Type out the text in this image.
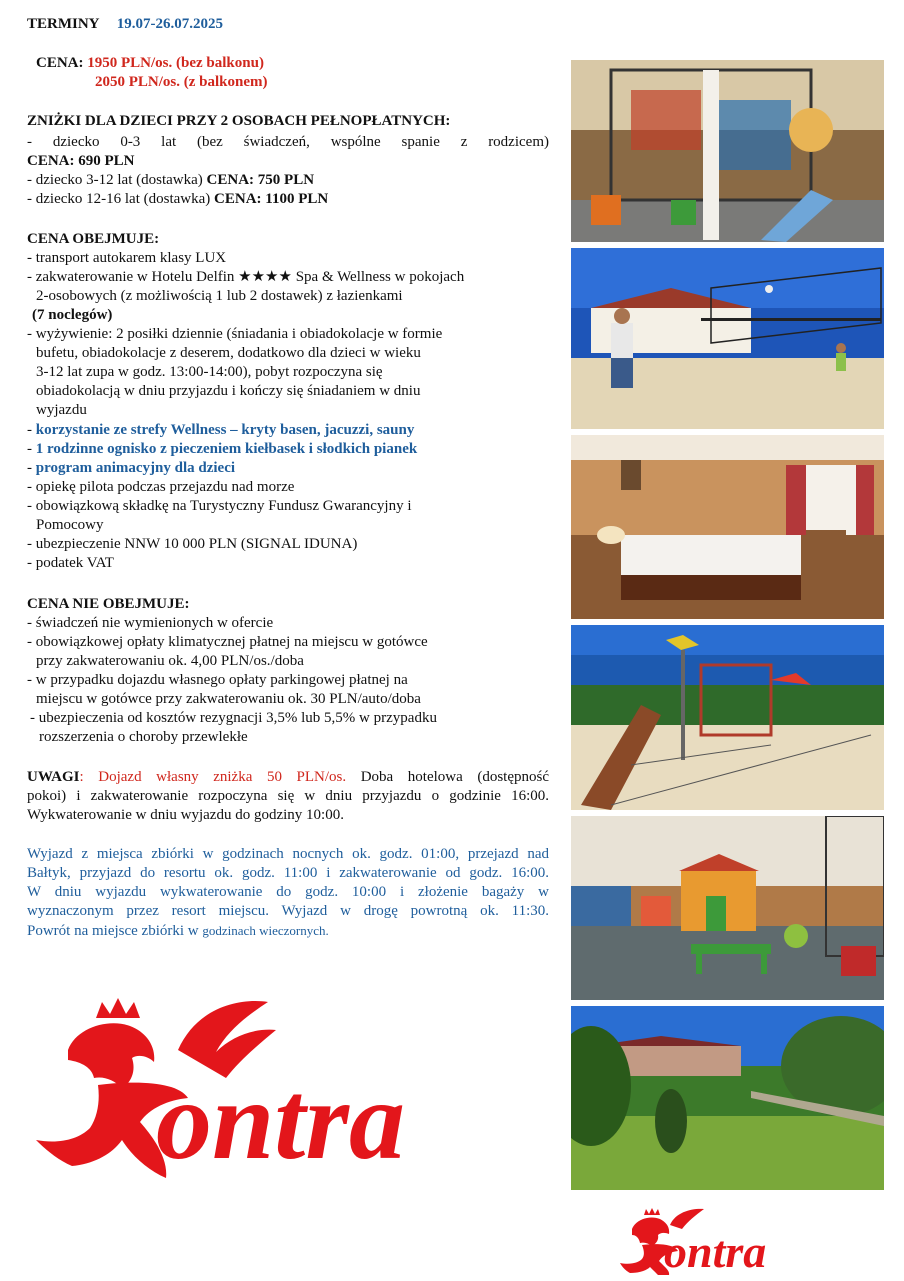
TERMINY 19.07-26.07.2025
CENA: 1950 PLN/os. (bez balkonu)
2050 PLN/os. (z balkonem)
ZNIŻKI DLA DZIECI PRZY 2 OSOBACH PEŁNOPŁATNYCH:
- dziecko 0-3 lat (bez świadczeń, wspólne spanie z rodzicem)
CENA: 690 PLN
- dziecko 3-12 lat (dostawka) CENA: 750 PLN
- dziecko 12-16 lat (dostawka) CENA: 1100 PLN
CENA OBEJMUJE:
- transport autokarem klasy LUX
- zakwaterowanie w Hotelu Delfin ★★★★ Spa & Wellness w pokojach
2-osobowych (z możliwością 1 lub 2 dostawek) z łazienkami
(7 noclegów)
- wyżywienie: 2 posiłki dziennie (śniadania i obiadokolacje w formie
bufetu, obiadokolacje z deserem, dodatkowo dla dzieci w wieku
3-12 lat zupa w godz. 13:00-14:00), pobyt rozpoczyna się
obiadokolacją w dniu przyjazdu i kończy się śniadaniem w dniu
wyjazdu
- korzystanie ze strefy Wellness – kryty basen, jacuzzi, sauny
- 1 rodzinne ognisko z pieczeniem kiełbasek i słodkich pianek
- program animacyjny dla dzieci
- opiekę pilota podczas przejazdu nad morze
- obowiązkową składkę na Turystyczny Fundusz Gwarancyjny i
Pomocowy
- ubezpieczenie NNW 10 000 PLN (SIGNAL IDUNA)
- podatek VAT
CENA NIE OBEJMUJE:
- świadczeń nie wymienionych w ofercie
- obowiązkowej opłaty klimatycznej płatnej na miejscu w gotówce
przy zakwaterowaniu ok. 4,00 PLN/os./doba
- w przypadku dojazdu własnego opłaty parkingowej płatnej na
miejscu w gotówce przy zakwaterowaniu ok. 30 PLN/auto/doba
- ubezpieczenia od kosztów rezygnacji 3,5% lub 5,5% w przypadku
rozszerzenia o choroby przewlekłe
UWAGI: Dojazd własny zniżka 50 PLN/os. Doba hotelowa (dostępność
pokoi) i zakwaterowanie rozpoczyna się w dniu przyjazdu o godzinie 16:00.
Wykwaterowanie w dniu wyjazdu do godziny 10:00.
Wyjazd z miejsca zbiórki w godzinach nocnych ok. godz. 01:00, przejazd nad
Bałtyk, przyjazd do resortu ok. godz. 11:00 i zakwaterowanie od godz. 16:00.
W dniu wyjazdu wykwaterowanie do godz. 10:00 i złożenie bagaży w
wyznaczonym przez resort miejscu. Wyjazd w drogę powrotną ok. 11:30.
Powrót na miejsce zbiórki w godzinach wieczornych.
ontra
ontra
